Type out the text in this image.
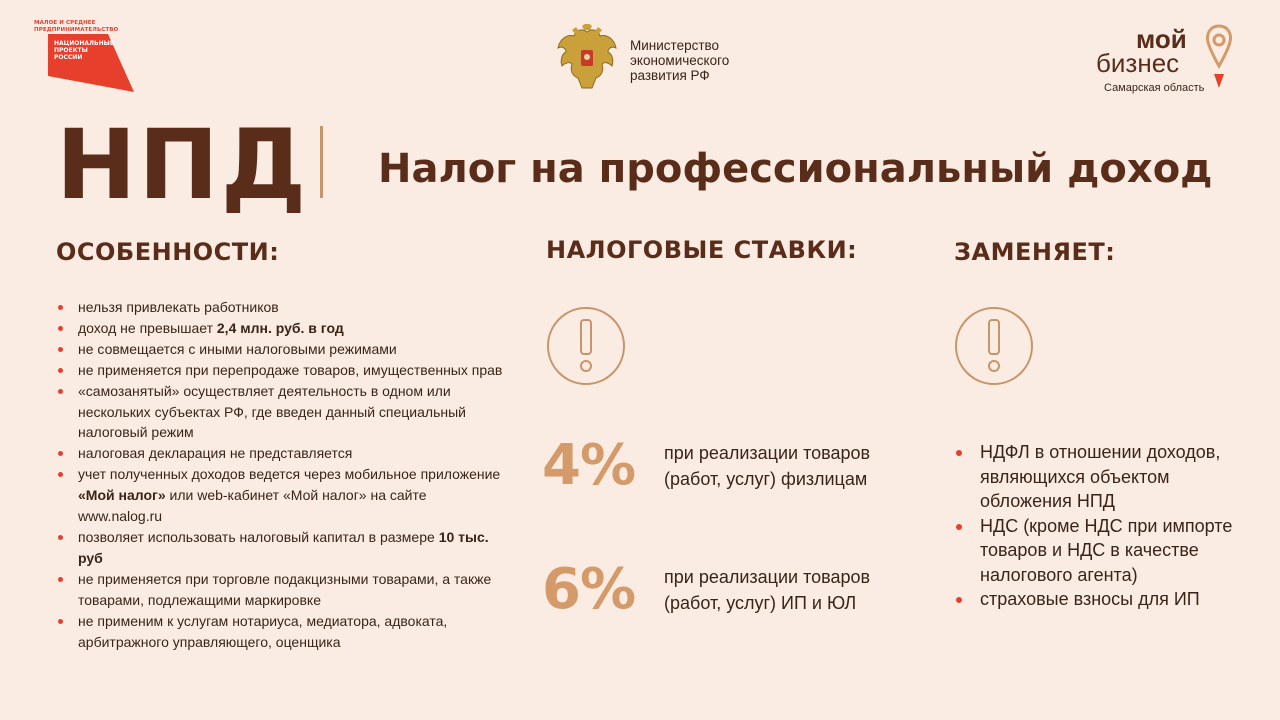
МАЛОЕ И СРЕДНЕЕ
ПРЕДПРИНИМАТЕЛЬСТВО
НАЦИОНАЛЬНЫЕ
ПРОЕКТЫ
РОССИИ
Министерство
экономического
развития РФ
мой
бизнес
Самарская область
НПД Налог на профессиональный доход
ОСОБЕННОСТИ:
нельзя привлекать работников
доход не превышает 2,4 млн. руб. в год
не совмещается с иными налоговыми режимами
не применяется при перепродаже товаров, имущественных прав
«самозанятый» осуществляет деятельность в одном или нескольких субъектах РФ, где введен данный специальный налоговый режим
налоговая декларация не представляется
учет полученных доходов ведется через мобильное приложение «Мой налог» или web-кабинет «Мой налог» на сайте www.nalog.ru
позволяет использовать налоговый капитал в размере 10 тыс. руб
не применяется при торговле подакцизными товарами, а также товарами, подлежащими маркировке
не применим к услугам нотариуса, медиатора, адвоката, арбитражного управляющего, оценщика
НАЛОГОВЫЕ СТАВКИ:
4% при реализации товаров (работ, услуг) физлицам
6% при реализации товаров (работ, услуг) ИП и ЮЛ
ЗАМЕНЯЕТ:
НДФЛ в отношении доходов, являющихся объектом обложения НПД
НДС (кроме НДС при импорте товаров и НДС в качестве налогового агента)
страховые взносы для ИП
